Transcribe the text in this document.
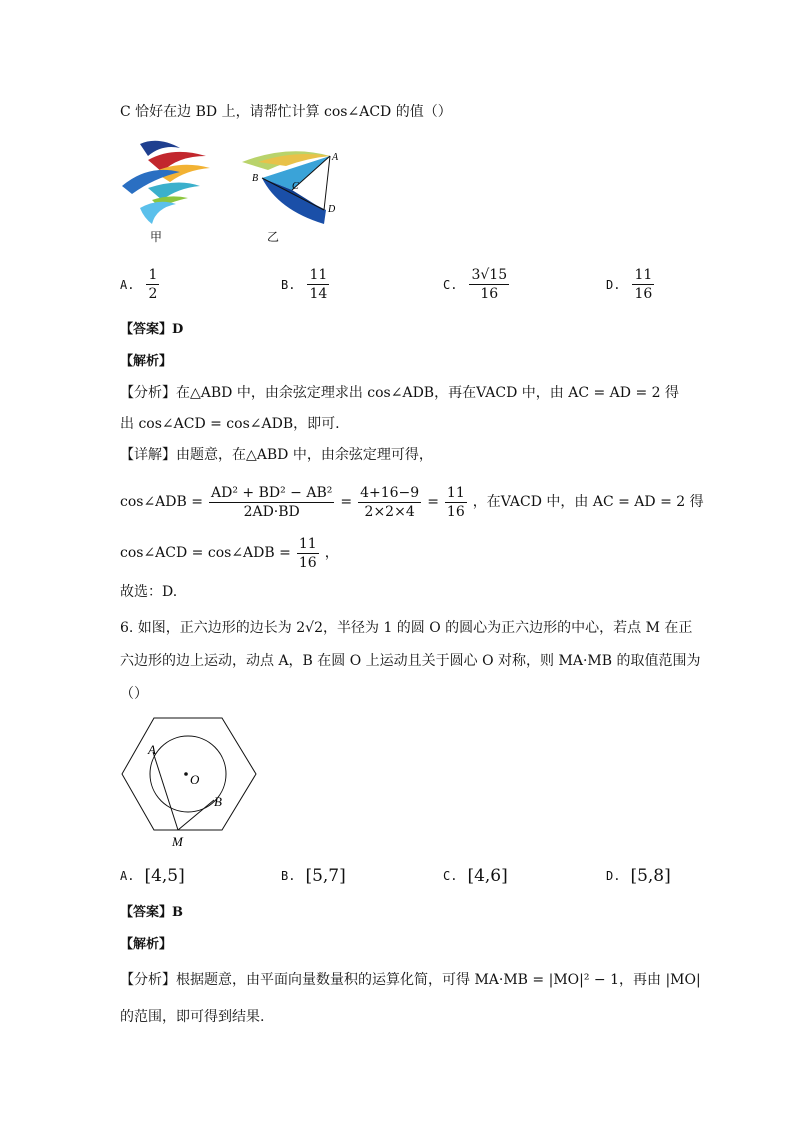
C 恰好在边 BD 上，请帮忙计算 cos∠ACD 的值（）
甲
A
B
C
D
乙
A. $\frac{1}{2}$	B. $\frac{11}{14}$	C. $\frac{3√15}{16}$	D. $\frac{11}{16}$
【答案】D
【解析】
【分析】在△ABD 中，由余弦定理求出 cos∠ADB，再在VACD 中，由 AC = AD = 2 得
出 cos∠ACD = cos∠ADB，即可.
【详解】由题意，在△ABD 中，由余弦定理可得，
cos∠ADB = $\frac{\text{AD² + BD² − AB²}}{2AD\cdot BD} = \frac{4+16-9}{2\times 2\times 4} = \frac{11}{16}$ ，在VACD 中，由 AC = AD = 2 得
cos∠ACD = cos∠ADB = $\frac{11}{16}$ ，
故选：D.
6. 如图，正六边形的边长为 2√2，半径为 1 的圆 O 的圆心为正六边形的中心，若点 M 在正
六边形的边上运动，动点 A，B 在圆 O 上运动且关于圆心 O 对称，则 MA·MB 的取值范围为
（）
A
O
B
M
A. [4,5]	B. [5,7]	C. [4,6]	D. [5,8]
【答案】B
【解析】
【分析】根据题意，由平面向量数量积的运算化简，可得 MA·MB = |MO|² − 1，再由 |MO|
的范围，即可得到结果.
